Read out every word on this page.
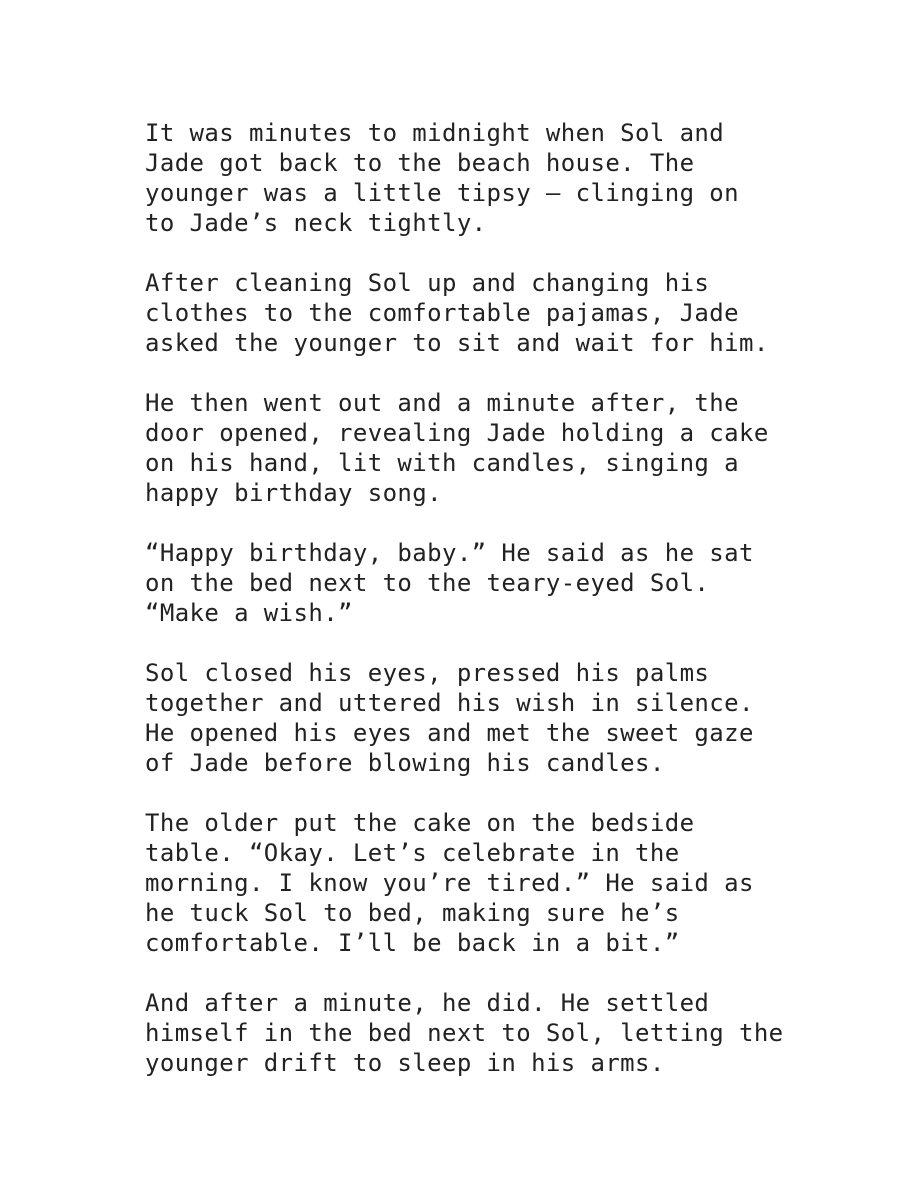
It was minutes to midnight when Sol and
Jade got back to the beach house. The
younger was a little tipsy — clinging on
to Jade’s neck tightly.

After cleaning Sol up and changing his
clothes to the comfortable pajamas, Jade
asked the younger to sit and wait for him.

He then went out and a minute after, the
door opened, revealing Jade holding a cake
on his hand, lit with candles, singing a
happy birthday song.

“Happy birthday, baby.” He said as he sat
on the bed next to the teary-eyed Sol.
“Make a wish.”

Sol closed his eyes, pressed his palms
together and uttered his wish in silence.
He opened his eyes and met the sweet gaze
of Jade before blowing his candles.

The older put the cake on the bedside
table. “Okay. Let’s celebrate in the
morning. I know you’re tired.” He said as
he tuck Sol to bed, making sure he’s
comfortable. I’ll be back in a bit.”

And after a minute, he did. He settled
himself in the bed next to Sol, letting the
younger drift to sleep in his arms.
